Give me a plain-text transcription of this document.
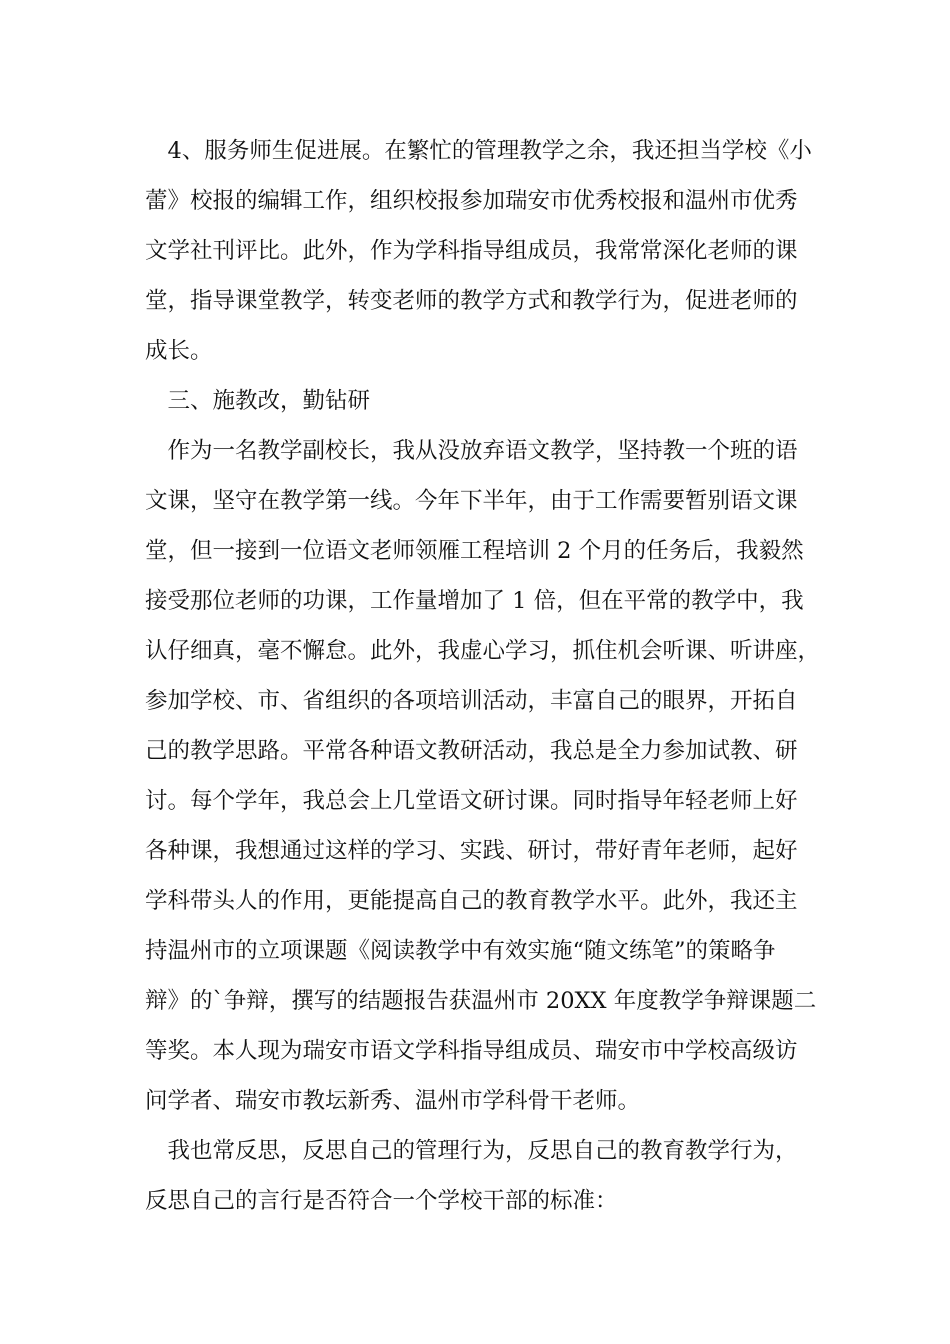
　4、服务师生促进展。在繁忙的管理教学之余，我还担当学校《小
蕾》校报的编辑工作，组织校报参加瑞安市优秀校报和温州市优秀
文学社刊评比。此外，作为学科指导组成员，我常常深化老师的课
堂，指导课堂教学，转变老师的教学方式和教学行为，促进老师的
成长。
　三、施教改，勤钻研
　作为一名教学副校长，我从没放弃语文教学，坚持教一个班的语
文课，坚守在教学第一线。今年下半年，由于工作需要暂别语文课
堂，但一接到一位语文老师领雁工程培训 2 个月的任务后，我毅然
接受那位老师的功课，工作量增加了 1 倍，但在平常的教学中，我
认仔细真，毫不懈怠。此外，我虚心学习，抓住机会听课、听讲座，
参加学校、市、省组织的各项培训活动，丰富自己的眼界，开拓自
己的教学思路。平常各种语文教研活动，我总是全力参加试教、研
讨。每个学年，我总会上几堂语文研讨课。同时指导年轻老师上好
各种课，我想通过这样的学习、实践、研讨，带好青年老师，起好
学科带头人的作用，更能提高自己的教育教学水平。此外，我还主
持温州市的立项课题《阅读教学中有效实施“随文练笔”的策略争
辩》的`争辩，撰写的结题报告获温州市 20XX 年度教学争辩课题二
等奖。本人现为瑞安市语文学科指导组成员、瑞安市中学校高级访
问学者、瑞安市教坛新秀、温州市学科骨干老师。
　我也常反思，反思自己的管理行为，反思自己的教育教学行为，
反思自己的言行是否符合一个学校干部的标准：
